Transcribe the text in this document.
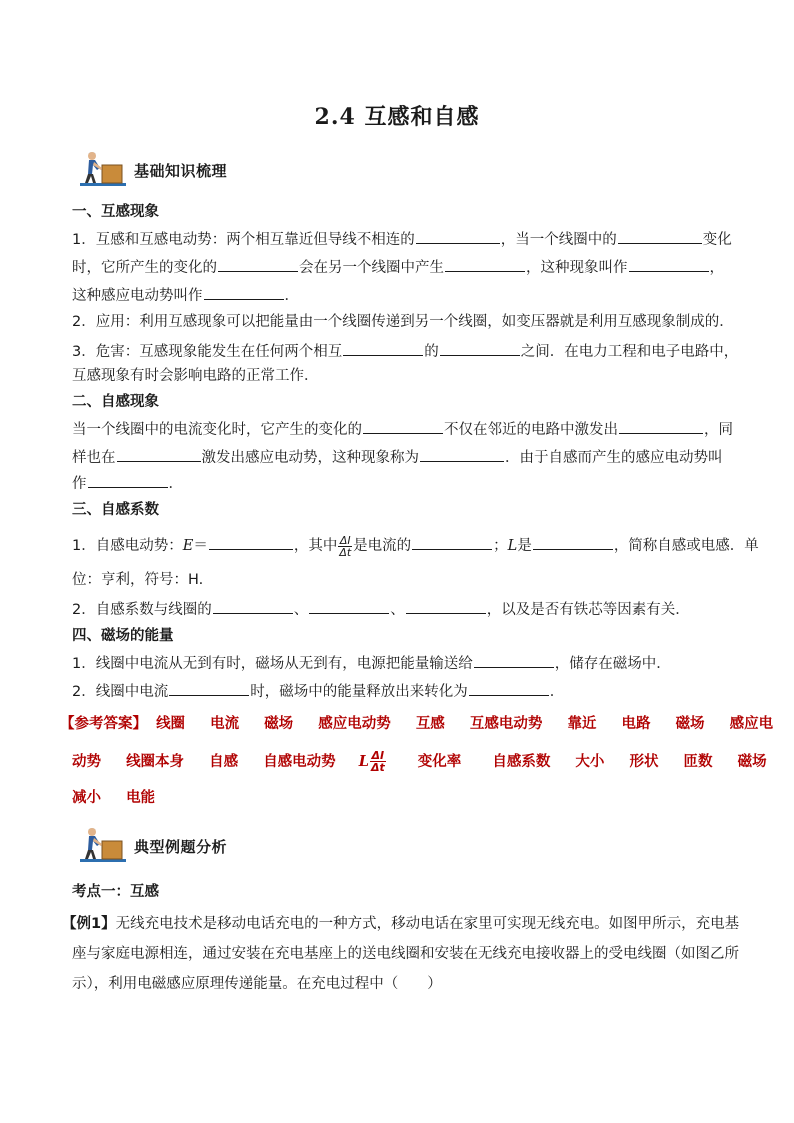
2.4 互感和自感
基础知识梳理
一、互感现象
1．互感和互感电动势：两个相互靠近但导线不相连的	，当一个线圈中的	变化
时，它所产生的变化的	会在另一个线圈中产生	，这种现象叫作	，
这种感应电动势叫作	．
2．应用：利用互感现象可以把能量由一个线圈传递到另一个线圈，如变压器就是利用互感现象制成的．
3．危害：互感现象能发生在任何两个相互	的	之间．在电力工程和电子电路中，
互感现象有时会影响电路的正常工作．
二、自感现象
当一个线圈中的电流变化时，它产生的变化的	不仅在邻近的电路中激发出	，同
样也在	激发出感应电动势，这种现象称为	．由于自感而产生的感应电动势叫
作	．
三、自感系数
1．自感电动势：E＝	，其中 $\frac{\Delta I}{\Delta t}$ 是电流的	；L是	，简称自感或电感．单
位：亨利，符号：H.
2．自感系数与线圈的	、	、	，以及是否有铁芯等因素有关．
四、磁场的能量
1．线圈中电流从无到有时，磁场从无到有，电源把能量输送给	，储存在磁场中．
2．线圈中电流	时，磁场中的能量释放出来转化为	．
【参考答案】 线圈 电流 磁场 感应电动势 互感 互感电动势 靠近 电路 磁场 感应电
动势 线圈本身 自感 自感电动势 L $\frac{\Delta I}{\Delta t}$ 变化率 自感系数 大小 形状 匝数 磁场
减小 电能
典型例题分析
考点一：互感
【例1】无线充电技术是移动电话充电的一种方式，移动电话在家里可实现无线充电。如图甲所示，充电基
座与家庭电源相连，通过安装在充电基座上的送电线圈和安装在无线充电接收器上的受电线圈（如图乙所
示），利用电磁感应原理传递能量。在充电过程中（　　）
